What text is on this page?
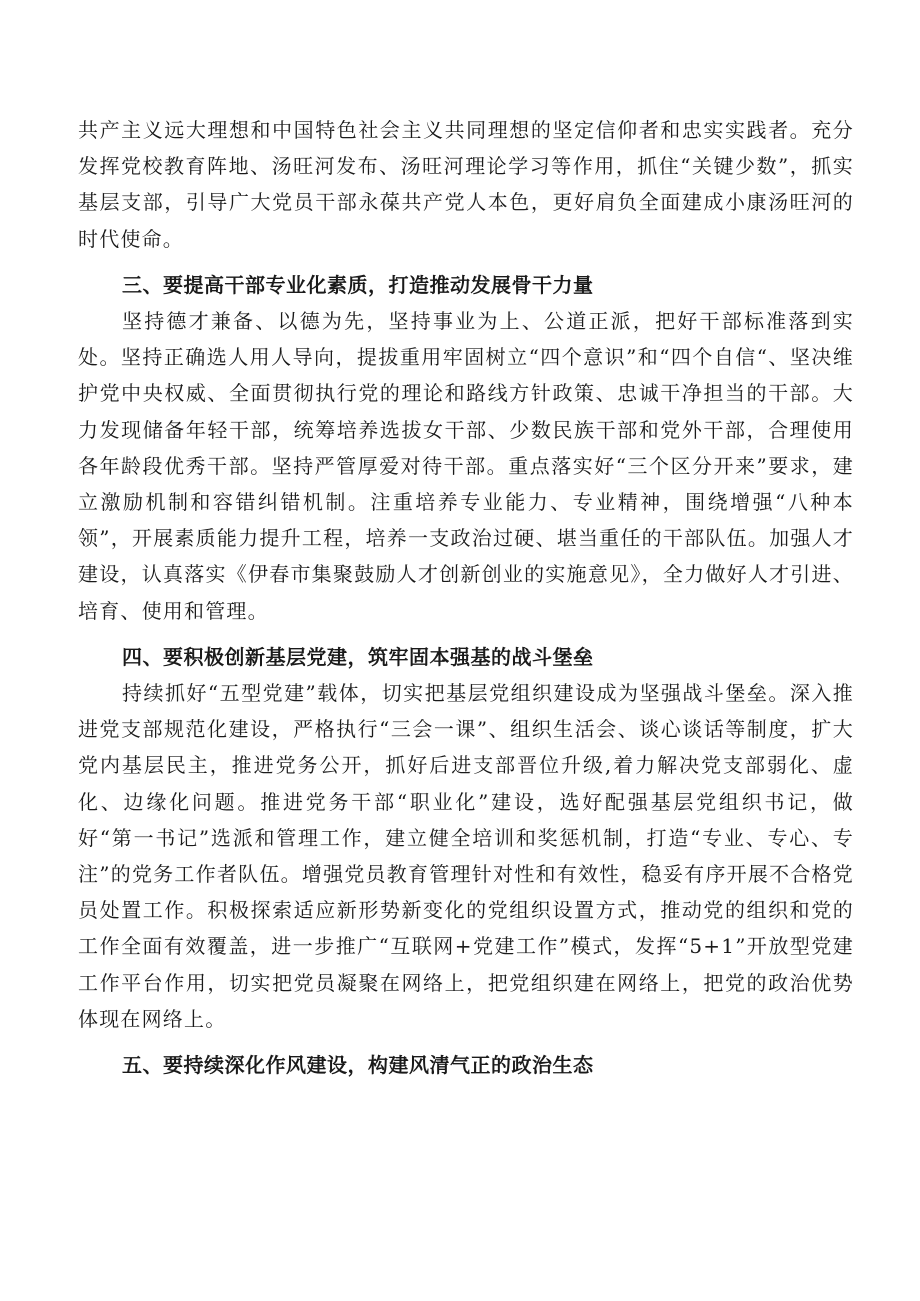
共产主义远大理想和中国特色社会主义共同理想的坚定信仰者和忠实实践者。充分发挥党校教育阵地、汤旺河发布、汤旺河理论学习等作用，抓住“关键少数”，抓实基层支部，引导广大党员干部永葆共产党人本色，更好肩负全面建成小康汤旺河的时代使命。

三、要提高干部专业化素质，打造推动发展骨干力量

坚持德才兼备、以德为先，坚持事业为上、公道正派，把好干部标准落到实处。坚持正确选人用人导向，提拔重用牢固树立“四个意识”和“四个自信“、坚决维护党中央权威、全面贯彻执行党的理论和路线方针政策、忠诚干净担当的干部。大力发现储备年轻干部，统筹培养选拔女干部、少数民族干部和党外干部，合理使用各年龄段优秀干部。坚持严管厚爱对待干部。重点落实好“三个区分开来”要求，建立激励机制和容错纠错机制。注重培养专业能力、专业精神，围绕增强“八种本领”，开展素质能力提升工程，培养一支政治过硬、堪当重任的干部队伍。加强人才建设，认真落实《伊春市集聚鼓励人才创新创业的实施意见》，全力做好人才引进、培育、使用和管理。

四、要积极创新基层党建，筑牢固本强基的战斗堡垒

持续抓好“五型党建”载体，切实把基层党组织建设成为坚强战斗堡垒。深入推进党支部规范化建设，严格执行“三会一课”、组织生活会、谈心谈话等制度，扩大党内基层民主，推进党务公开，抓好后进支部晋位升级,着力解决党支部弱化、虚化、边缘化问题。推进党务干部“职业化”建设，选好配强基层党组织书记，做好“第一书记”选派和管理工作，建立健全培训和奖惩机制，打造“专业、专心、专注”的党务工作者队伍。增强党员教育管理针对性和有效性，稳妥有序开展不合格党员处置工作。积极探索适应新形势新变化的党组织设置方式，推动党的组织和党的工作全面有效覆盖，进一步推广“互联网+党建工作”模式，发挥“5+1”开放型党建工作平台作用，切实把党员凝聚在网络上，把党组织建在网络上，把党的政治优势体现在网络上。

五、要持续深化作风建设，构建风清气正的政治生态
